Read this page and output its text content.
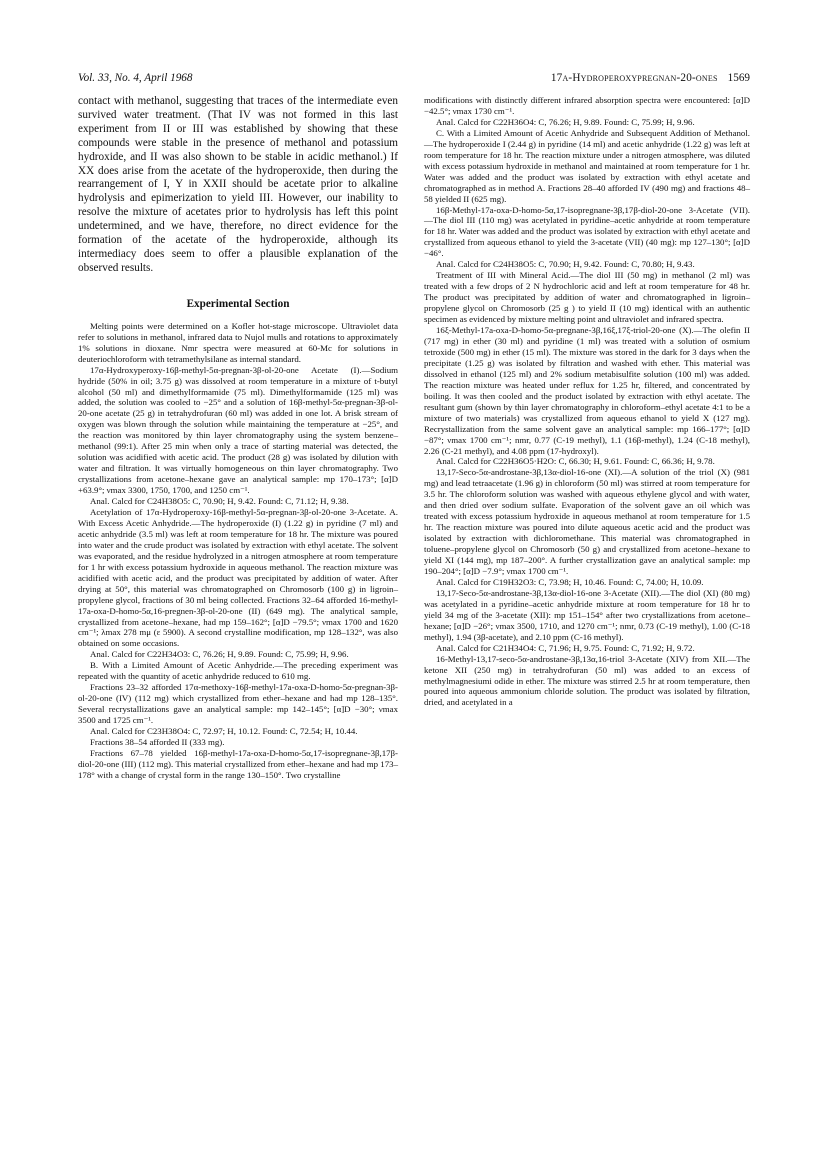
Vol. 33, No. 4, April 1968	17α-Hydroperoxypregnan-20-ones 1569

contact with methanol, suggesting that traces of the intermediate even survived water treatment. (That IV was not formed in this last experiment from II or III was established by showing that these compounds were stable in the presence of methanol and potassium hydroxide, and II was also shown to be stable in acidic methanol.) If XX does arise from the acetate of the hydroperoxide, then during the rearrangement of I, Y in XXII should be acetate prior to alkaline hydrolysis and epimerization to yield III. However, our inability to resolve the mixture of acetates prior to hydrolysis has left this point undetermined, and we have, therefore, no direct evidence for the formation of the acetate of the hydroperoxide, although its intermediacy does seem to offer a plausible explanation of the observed results.

Experimental Section

Melting points were determined on a Kofler hot-stage microscope. Ultraviolet data refer to solutions in methanol, infrared data to Nujol mulls and rotations to approximately 1% solutions in dioxane. Nmr spectra were measured at 60-Mc for solutions in deuteriochloroform with tetramethylsilane as internal standard.

17α-Hydroxyperoxy-16β-methyl-5α-pregnan-3β-ol-20-one Acetate (I).—Sodium hydride (50% in oil; 3.75 g) was dissolved at room temperature in a mixture of t-butyl alcohol (50 ml) and dimethylformamide (75 ml). Dimethylformamide (125 ml) was added, the solution was cooled to −25° and a solution of 16β-methyl-5α-pregnan-3β-ol-20-one acetate (25 g) in tetrahydrofuran (60 ml) was added in one lot. A brisk stream of oxygen was blown through the solution while maintaining the temperature at −25°, and the reaction was monitored by thin layer chromatography using the system benzene–methanol (99:1). After 25 min when only a trace of starting material was detected, the solution was acidified with acetic acid. The product (28 g) was isolated by dilution with water and filtration. It was virtually homogeneous on thin layer chromatography. Two crystallizations from acetone–hexane gave an analytical sample: mp 170–173°; [α]D +63.9°; νmax 3300, 1750, 1700, and 1250 cm⁻¹.

Anal. Calcd for C24H38O5: C, 70.90; H, 9.42. Found: C, 71.12; H, 9.38.

Acetylation of 17α-Hydroperoxy-16β-methyl-5α-pregnan-3β-ol-20-one 3-Acetate. A. With Excess Acetic Anhydride.—The hydroperoxide (I) (1.22 g) in pyridine (7 ml) and acetic anhydride (3.5 ml) was left at room temperature for 18 hr. The mixture was poured into water and the crude product was isolated by extraction with ethyl acetate. The solvent was evaporated, and the residue hydrolyzed in a nitrogen atmosphere at room temperature for 1 hr with excess potassium hydroxide in aqueous methanol. The reaction mixture was acidified with acetic acid, and the product was precipitated by addition of water. After drying at 50°, this material was chromatographed on Chromosorb (100 g) in ligroin–propylene glycol, fractions of 30 ml being collected. Fractions 32–64 afforded 16-methyl-17a-oxa-D-homo-5α,16-pregnen-3β-ol-20-one (II) (649 mg). The analytical sample, crystallized from acetone–hexane, had mp 159–162°; [α]D −79.5°; νmax 1700 and 1620 cm⁻¹; λmax 278 mμ (ε 5900). A second crystalline modification, mp 128–132°, was also obtained on some occasions.

Anal. Calcd for C22H34O3: C, 76.26; H, 9.89. Found: C, 75.99; H, 9.96.

B. With a Limited Amount of Acetic Anhydride.—The preceding experiment was repeated with the quantity of acetic anhydride reduced to 610 mg.

Fractions 23–32 afforded 17α-methoxy-16β-methyl-17a-oxa-D-homo-5α-pregnan-3β-ol-20-one (IV) (112 mg) which crystallized from ether–hexane and had mp 128–135°. Several recrystallizations gave an analytical sample: mp 142–145°; [α]D −30°; νmax 3500 and 1725 cm⁻¹.

Anal. Calcd for C23H38O4: C, 72.97; H, 10.12. Found: C, 72.54; H, 10.44.

Fractions 38–54 afforded II (333 mg).

Fractions 67–78 yielded 16β-methyl-17a-oxa-D-homo-5α,17-isopregnane-3β,17β-diol-20-one (III) (112 mg). This material crystallized from ether–hexane and had mp 173–178° with a change of crystal form in the range 130–150°. Two crystalline

modifications with distinctly different infrared absorption spectra were encountered: [α]D −42.5°; νmax 1730 cm⁻¹.

Anal. Calcd for C22H36O4: C, 76.26; H, 9.89. Found: C, 75.99; H, 9.96.

C. With a Limited Amount of Acetic Anhydride and Subsequent Addition of Methanol.—The hydroperoxide I (2.44 g) in pyridine (14 ml) and acetic anhydride (1.22 g) was left at room temperature for 18 hr. The reaction mixture under a nitrogen atmosphere, was diluted with excess potassium hydroxide in methanol and maintained at room temperature for 1 hr. Water was added and the product was isolated by extraction with ethyl acetate and chromatographed as in method A. Fractions 28–40 afforded IV (490 mg) and fractions 48–58 yielded II (625 mg).

16β-Methyl-17a-oxa-D-homo-5α,17-isopregnane-3β,17β-diol-20-one 3-Acetate (VII).—The diol III (110 mg) was acetylated in pyridine–acetic anhydride at room temperature for 18 hr. Water was added and the product was isolated by extraction with ethyl acetate and crystallized from aqueous ethanol to yield the 3-acetate (VII) (40 mg): mp 127–130°; [α]D −46°.

Anal. Calcd for C24H38O5: C, 70.90; H, 9.42. Found: C, 70.80; H, 9.43.

Treatment of III with Mineral Acid.—The diol III (50 mg) in methanol (2 ml) was treated with a few drops of 2 N hydrochloric acid and left at room temperature for 48 hr. The product was precipitated by addition of water and chromatographed in ligroin–propylene glycol on Chromosorb (25 g ) to yield II (10 mg) identical with an authentic specimen as evidenced by mixture melting point and ultraviolet and infrared spectra.

16ξ-Methyl-17a-oxa-D-homo-5α-pregnane-3β,16ξ,17ξ-triol-20-one (X).—The olefin II (717 mg) in ether (30 ml) and pyridine (1 ml) was treated with a solution of osmium tetroxide (500 mg) in ether (15 ml). The mixture was stored in the dark for 3 days when the precipitate (1.25 g) was isolated by filtration and washed with ether. This material was dissolved in ethanol (125 ml) and 2% sodium metabisulfite solution (100 ml) was added. The reaction mixture was heated under reflux for 1.25 hr, filtered, and concentrated by boiling. It was then cooled and the product isolated by extraction with ethyl acetate. The resultant gum (shown by thin layer chromatography in chloroform–ethyl acetate 4:1 to be a mixture of two materials) was crystallized from aqueous ethanol to yield X (127 mg). Recrystallization from the same solvent gave an analytical sample: mp 166–177°; [α]D −87°; νmax 1700 cm⁻¹; nmr, 0.77 (C-19 methyl), 1.1 (16β-methyl), 1.24 (C-18 methyl), 2.26 (C-21 methyl), and 4.08 ppm (17-hydroxyl).

Anal. Calcd for C22H36O5·H2O: C, 66.30; H, 9.61. Found: C, 66.36; H, 9.78.

13,17-Seco-5α-androstane-3β,13α-diol-16-one (XI).—A solution of the triol (X) (981 mg) and lead tetraacetate (1.96 g) in chloroform (50 ml) was stirred at room temperature for 3.5 hr. The chloroform solution was washed with aqueous ethylene glycol and with water, and then dried over sodium sulfate. Evaporation of the solvent gave an oil which was treated with excess potassium hydroxide in aqueous methanol at room temperature for 1.5 hr. The reaction mixture was poured into dilute aqueous acetic acid and the product was isolated by extraction with dichloromethane. This material was chromatographed in toluene–propylene glycol on Chromosorb (50 g) and crystallized from acetone–hexane to yield XI (144 mg), mp 187–200°. A further crystallization gave an analytical sample: mp 190–204°; [α]D −7.9°; νmax 1700 cm⁻¹.

Anal. Calcd for C19H32O3: C, 73.98; H, 10.46. Found: C, 74.00; H, 10.09.

13,17-Seco-5α-androstane-3β,13α-diol-16-one 3-Acetate (XII).—The diol (XI) (80 mg) was acetylated in a pyridine–acetic anhydride mixture at room temperature for 18 hr to yield 34 mg of the 3-acetate (XII): mp 151–154° after two crystallizations from acetone–hexane; [α]D −26°; νmax 3500, 1710, and 1270 cm⁻¹; nmr, 0.73 (C-19 methyl), 1.00 (C-18 methyl), 1.94 (3β-acetate), and 2.10 ppm (C-16 methyl).

Anal. Calcd for C21H34O4: C, 71.96; H, 9.75. Found: C, 71.92; H, 9.72.

16-Methyl-13,17-seco-5α-androstane-3β,13α,16-triol 3-Acetate (XIV) from XII.—The ketone XII (250 mg) in tetrahydrofuran (50 ml) was added to an excess of methylmagnesiumi odide in ether. The mixture was stirred 2.5 hr at room temperature, then poured into aqueous ammonium chloride solution. The product was isolated by filtration, dried, and acetylated in a
